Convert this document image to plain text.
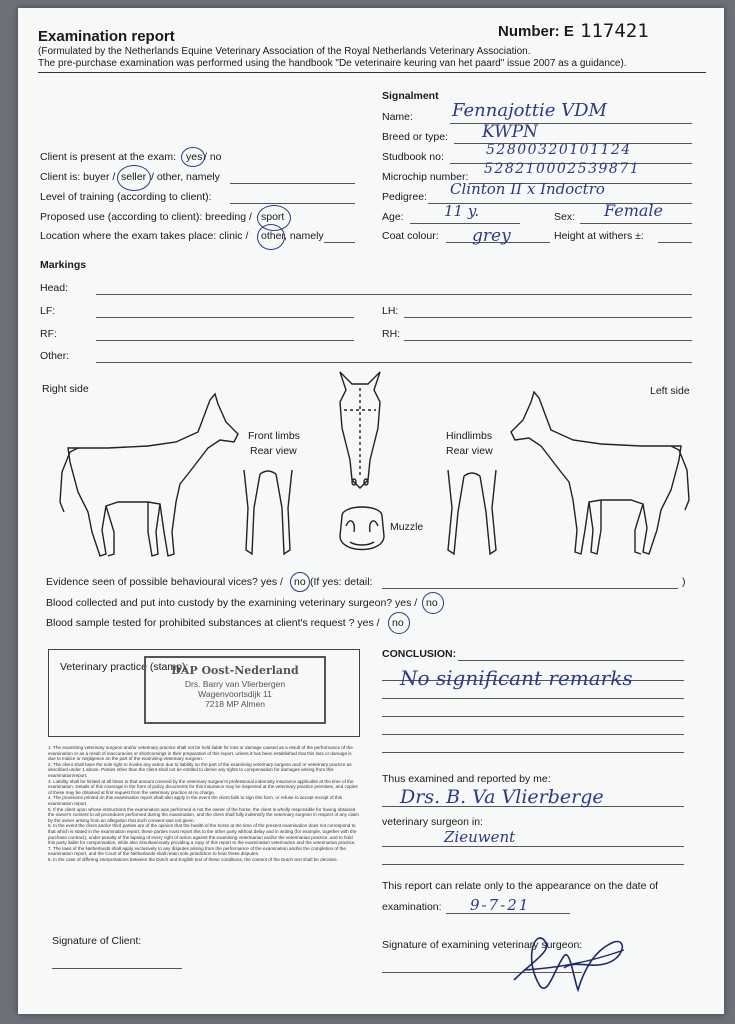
Examination report	Number: E 117421
(Formulated by the Netherlands Equine Veterinary Association of the Royal Netherlands Veterinary Association.
The pre-purchase examination was performed using the handbook "De veterinaire keuring van het paard" issue 2007 as a guidance).
Client is present at the exam: yes / no
Client is: buyer / seller / other, namely
Level of training (according to client):
Proposed use (according to client): breeding / sport
Location where the exam takes place: clinic / other , namely
Signalment
Name: Fennajottie VDM
Breed or type: KWPN
Studbook no:	52800320101124
Microchip number: 528210002539871
Pedigree: Clinton II x Indoctro
Age:	11 y.	Sex: Female
Coat colour: grey	Height at withers ±:
Markings
Head:
LF:	LH:
RF:	RH:
Other:
Right side	Left side
Front limbs
Rear view
Hindlimbs
Rear view
Muzzle
Evidence seen of possible behavioural vices? yes / no (If yes: detail:	)
Blood collected and put into custody by the examining veterinary surgeon? yes / no
Blood sample tested for prohibited substances at client's request ? yes / no
Veterinary practice (stamp):
DAP Oost-Nederland
Drs. Barry van Vlierbergen
Wagenvoortsdijk 11
7218 MP Almen
1. The examining veterinary surgeon and/or veterinary practice shall not be held liable for loss or damage caused as a result of the performance of the examination or as a result of inaccuracies or shortcomings in their preparation of this report, unless it has been established that this loss or damage is due to malice or negligence on the part of the examining veterinary surgeon.
2. The client shall have the sole right to invoke any action due to liability on the part of the examining veterinary surgeon and/ or veterinary practice as described under 1 above. Parties other than the client shall not be entitled to derive any rights to compensation for damages arising from this examination/report.
3. Liability shall be limited at all times to that amount covered by the veterinary surgeon's professional indemnity insurance applicable at the time of the examination. Details of this coverage in the form of policy documents for this insurance may be inspected at the veterinary practice premises, and copies of these may be obtained at first request from the veterinary practice at no charge.
4. The provisions printed on this examination report shall also apply in the event the client fails to sign this form, or refuse to accept receipt of this examination report.
5. If the client upon whose instructions the examination was performed is not the owner of the horse, the client is wholly responsible for having obtained the owner's consent to all procedures performed during the examination, and the client shall fully indemnify the veterinary surgeon in respect of any claim by the owner arising from an allegation that such consent was not given.
6. In the event the client and/or third parties are of the opinion that the health of the horse at the time of the present examination does not correspond to that which is stated in the examination report, these parties must report this to the other party without delay and in writing (for example, together with the purchase contract), under penalty of the lapsing of every right of action against the examining veterinarian and/or the veterinarian practice, and to hold this party liable for compensation, while also simultaneously providing a copy of this report to the examination veterinarian and the veterinarian practice.
7. The laws of the Netherlands shall apply exclusively to any disputes arising from the performance of the examination and/or the completion of the examination report, and the Court of the Netherlands shall retain sole jurisdiction to hear these disputes.
8. In the case of differing interpretations between the Dutch and English text of these conditions, the content of the Dutch text shall be decisive.
CONCLUSION:
No significant remarks
Thus examined and reported by me:
Drs. B. Va Vlierberge
veterinary surgeon in:
Zieuwent
This report can relate only to the appearance on the date of
examination: 9-7-21
Signature of Client:	Signature of examining veterinary surgeon:
